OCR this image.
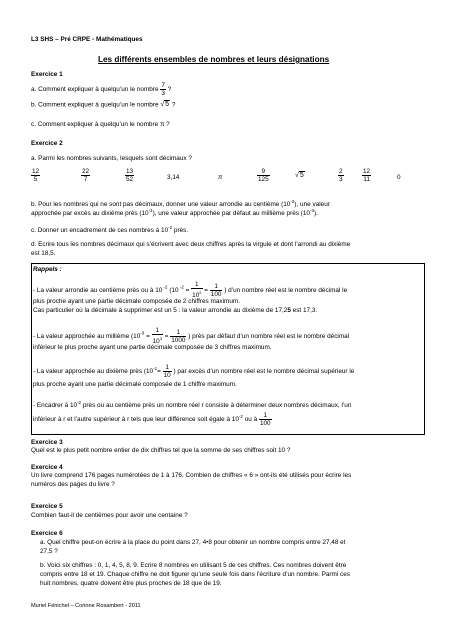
L3 SHS – Pré CRPE - Mathématiques
Les différents ensembles de nombres et leurs désignations
Exercice 1
a. Comment expliquer à quelqu’un le nombre $\frac{7}{3}$ ?
b. Comment expliquer à quelqu’un le nombre √5 ?
c. Comment expliquer à quelqu’un le nombre π ?
Exercice 2
a. Parmi les nombres suivants, lesquels sont décimaux ?
$\frac{12}{5}$	$\frac{22}{7}$	$\frac{13}{52}$	3,14	π	$\frac{9}{125}$	√5	$\frac{2}{3}$	$\frac{12}{11}$	0
b. Pour les nombres qui ne sont pas décimaux, donner une valeur arrondie au centième $(10^{-2})$, une valeur
approchée par excès au dixième près $(10^{-1})$, une valeur approchée par défaut au millième près $(10^{-3})$.
c. Donner un encadrement de ces nombres à $10^{-2}$ près.
d. Ecrire tous les nombres décimaux qui s’écrivent avec deux chiffres après la virgule et dont l’arrondi au dixième
est 18,5.
Rappels :
- La valeur arrondie au centième près ou à 10 $^{-2}$ (10 $^{-2} = \frac{1}{10^2} = \frac{1}{100}$ ) d’un nombre réel est le nombre décimal le
plus proche ayant une partie décimale composée de 2 chiffres maximum.
Cas particulier où la décimale à supprimer est un 5 : la valeur arrondie au dixième de 17,25 est 17,3.
- La valeur approchée au millième ($10^{-3} = \frac{1}{10^3} = \frac{1}{1000}$ ) près par défaut d’un nombre réel est le nombre décimal
inférieur le plus proche ayant une partie décimale composée de 3 chiffres maximum.
- La valeur approchée au dixième près ($10^{-1}= \frac{1}{10}$ ) par excès d’un nombre réel est le nombre décimal supérieur le
plus proche ayant une partie décimale composée de 1 chiffre maximum.
- Encadrer à $10^{-2}$ près ou au centième près un nombre réel r consiste à déterminer deux nombres décimaux, l’un
inférieur à r et l’autre supérieur à r tels que leur différence soit égale à $10^{-2}$ ou à $\frac{1}{100}$
Exercice 3
Quel est le plus petit nombre entier de dix chiffres tel que la somme de ses chiffres soit 10 ?
Exercice 4
Un livre comprend 176 pages numérotées de 1 à 176. Combien de chiffres « 6 » ont-ils été utilisés pour écrire les
numéros des pages du livre ?
Exercice 5
Combien faut-il de centièmes pour avoir une centaine ?
Exercice 6
a. Quel chiffre peut-on écrire à la place du point dans 27, 4•8 pour obtenir un nombre compris entre 27,48 et
27,5 ?
b. Voici six chiffres : 0, 1, 4, 5, 8, 9. Ecrire 8 nombres en utilisant 5 de ces chiffres. Ces nombres doivent être
compris entre 18 et 19. Chaque chiffre ne doit figurer qu’une seule fois dans l’écriture d’un nombre. Parmi ces
huit nombres, quatre doivent être plus proches de 18 que de 19.
Muriel Fénichel – Corinne Rosambert - 2011
